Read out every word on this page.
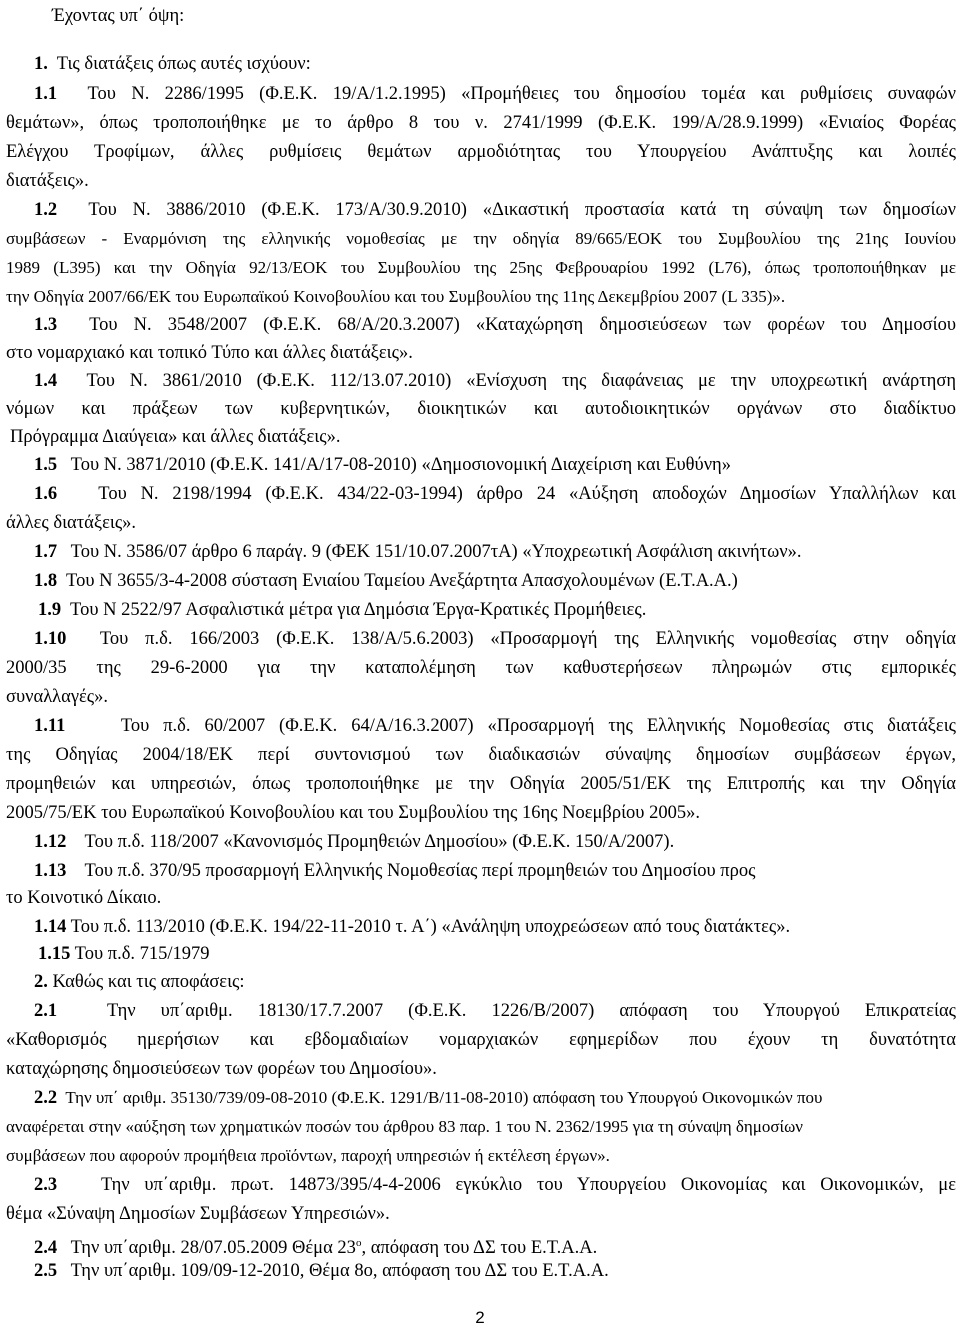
Έχοντας υπ΄ όψη:
1. Τις διατάξεις όπως αυτές ισχύουν:
1.1 Του Ν. 2286/1995 (Φ.Ε.Κ. 19/Α/1.2.1995) «Προμήθειες του δημοσίου τομέα και ρυθμίσεις συναφών
θεμάτων», όπως τροποποιήθηκε με το άρθρο 8 του ν. 2741/1999 (Φ.Ε.Κ. 199/Α/28.9.1999) «Ενιαίος Φορέας
Ελέγχου Τροφίμων, άλλες ρυθμίσεις θεμάτων αρμοδιότητας του Υπουργείου Ανάπτυξης και λοιπές
διατάξεις».
1.2 Του Ν. 3886/2010 (Φ.Ε.Κ. 173/Α/30.9.2010) «Δικαστική προστασία κατά τη σύναψη των δημοσίων
συμβάσεων - Εναρμόνιση της ελληνικής νομοθεσίας με την οδηγία 89/665/ΕΟΚ του Συμβουλίου της 21ης Ιουνίου
1989 (L395) και την Οδηγία 92/13/ΕΟΚ του Συμβουλίου της 25ης Φεβρουαρίου 1992 (L76), όπως τροποποιήθηκαν με
την Οδηγία 2007/66/ΕΚ του Ευρωπαϊκού Κοινοβουλίου και του Συμβουλίου της 11ης Δεκεμβρίου 2007 (L 335)».
1.3 Του Ν. 3548/2007 (Φ.Ε.Κ. 68/Α/20.3.2007) «Καταχώρηση δημοσιεύσεων των φορέων του Δημοσίου
στο νομαρχιακό και τοπικό Τύπο και άλλες διατάξεις».
1.4 Του Ν. 3861/2010 (Φ.Ε.Κ. 112/13.07.2010) «Ενίσχυση της διαφάνειας με την υποχρεωτική ανάρτηση
νόμων και πράξεων των κυβερνητικών, διοικητικών και αυτοδιοικητικών οργάνων στο διαδίκτυο
Πρόγραμμα Διαύγεια» και άλλες διατάξεις».
1.5 Του Ν. 3871/2010 (Φ.Ε.Κ. 141/Α/17-08-2010) «Δημοσιονομική Διαχείριση και Ευθύνη»
1.6 Του Ν. 2198/1994 (Φ.Ε.Κ. 434/22-03-1994) άρθρο 24 «Αύξηση αποδοχών Δημοσίων Υπαλλήλων και
άλλες διατάξεις».
1.7 Του Ν. 3586/07 άρθρο 6 παράγ. 9 (ΦΕΚ 151/10.07.2007τΑ) «Υποχρεωτική Ασφάλιση ακινήτων».
1.8 Του Ν 3655/3-4-2008 σύσταση Ενιαίου Ταμείου Ανεξάρτητα Απασχολουμένων (Ε.Τ.Α.Α.)
1.9 Του Ν 2522/97 Ασφαλιστικά μέτρα για Δημόσια Έργα-Κρατικές Προμήθειες.
1.10 Του π.δ. 166/2003 (Φ.Ε.Κ. 138/Α/5.6.2003) «Προσαρμογή της Ελληνικής νομοθεσίας στην οδηγία
2000/35 της 29-6-2000 για την καταπολέμηση των καθυστερήσεων πληρωμών στις εμπορικές
συναλλαγές».
1.11	Του π.δ. 60/2007 (Φ.Ε.Κ. 64/Α/16.3.2007) «Προσαρμογή της Ελληνικής Νομοθεσίας στις διατάξεις
της Οδηγίας 2004/18/ΕΚ περί συντονισμού των διαδικασιών σύναψης δημοσίων συμβάσεων έργων,
προμηθειών και υπηρεσιών, όπως τροποποιήθηκε με την Οδηγία 2005/51/ΕΚ της Επιτροπής και την Οδηγία
2005/75/ΕΚ του Ευρωπαϊκού Κοινοβουλίου και του Συμβουλίου της 16ης Νοεμβρίου 2005».
1.12 Του π.δ. 118/2007 «Κανονισμός Προμηθειών Δημοσίου» (Φ.Ε.Κ. 150/Α/2007).
1.13 Του π.δ. 370/95 προσαρμογή Ελληνικής Νομοθεσίας περί προμηθειών του Δημοσίου προς
το Κοινοτικό Δίκαιο.
1.14 Του π.δ. 113/2010 (Φ.Ε.Κ. 194/22-11-2010 τ. Α΄) «Ανάληψη υποχρεώσεων από τους διατάκτες».
1.15 Του π.δ. 715/1979
2. Καθώς και τις αποφάσεις:
2.1	Την υπ΄αριθμ. 18130/17.7.2007 (Φ.Ε.Κ. 1226/Β/2007) απόφαση του Υπουργού Επικρατείας
«Καθορισμός ημερήσιων και εβδομαδιαίων νομαρχιακών εφημερίδων που έχουν τη δυνατότητα
καταχώρησης δημοσιεύσεων των φορέων του Δημοσίου».
2.2 Την υπ΄ αριθμ. 35130/739/09-08-2010 (Φ.Ε.Κ. 1291/Β/11-08-2010) απόφαση του Υπουργού Οικονομικών που
αναφέρεται στην «αύξηση των χρηματικών ποσών του άρθρου 83 παρ. 1 του Ν. 2362/1995 για τη σύναψη δημοσίων
συμβάσεων που αφορούν προμήθεια προϊόντων, παροχή υπηρεσιών ή εκτέλεση έργων».
2.3 Την υπ΄αριθμ. πρωτ. 14873/395/4-4-2006 εγκύκλιο του Υπουργείου Οικονομίας και Οικονομικών, με
θέμα «Σύναψη Δημοσίων Συμβάσεων Υπηρεσιών».
2.4 Την υπ΄αριθμ. 28/07.05.2009 Θέμα $23^o$, απόφαση του ΔΣ του Ε.Τ.Α.Α.
2.5 Την υπ΄αριθμ. 109/09-12-2010, Θέμα 8ο, απόφαση του ΔΣ του Ε.Τ.Α.Α.
2
